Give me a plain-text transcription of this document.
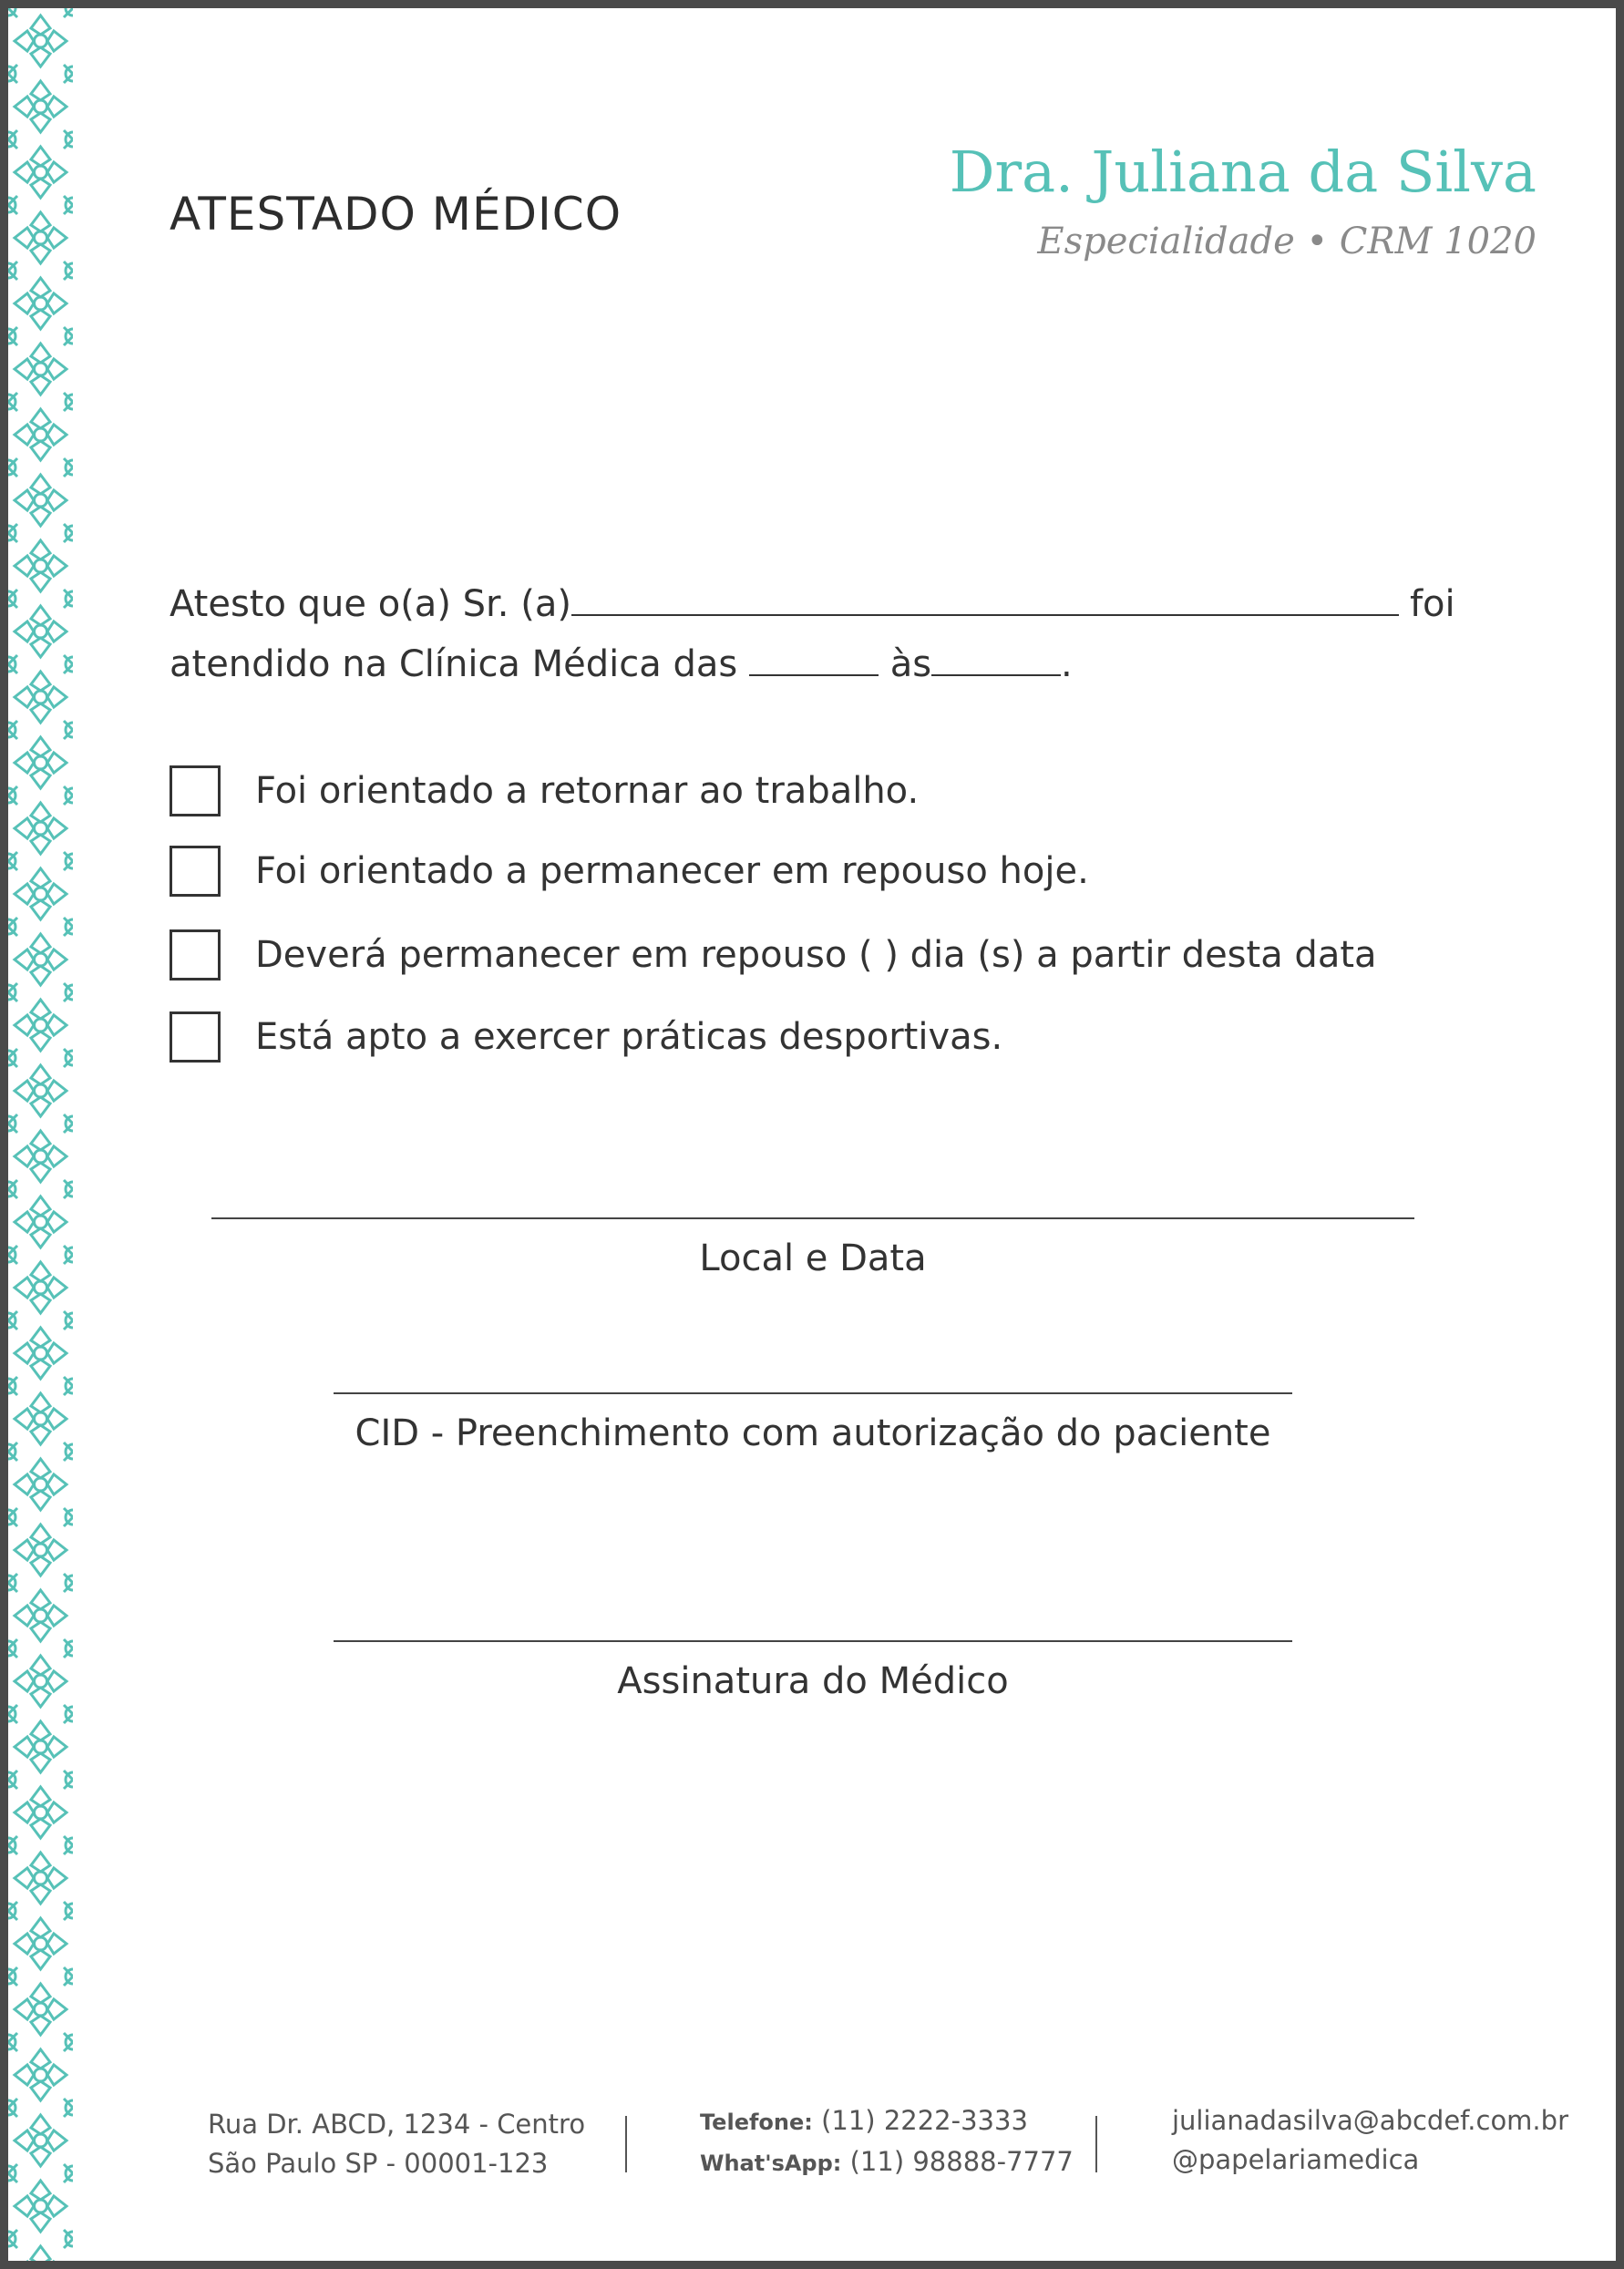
ATESTADO MÉDICO
Dra. Juliana da Silva
Especialidade • CRM 1020
Atesto que o(a) Sr. (a)	foi
atendido na Clínica Médica das	às	.
Foi orientado a retornar ao trabalho.
Foi orientado a permanecer em repouso hoje.
Deverá permanecer em repouso ( ) dia (s) a partir desta data
Está apto a exercer práticas desportivas.
Local e Data
CID - Preenchimento com autorização do paciente
Assinatura do Médico
Rua Dr. ABCD, 1234 - Centro
São Paulo SP - 00001-123
Telefone: (11) 2222-3333
What'sApp: (11) 98888-7777
julianadasilva@abcdef.com.br
@papelariamedica
